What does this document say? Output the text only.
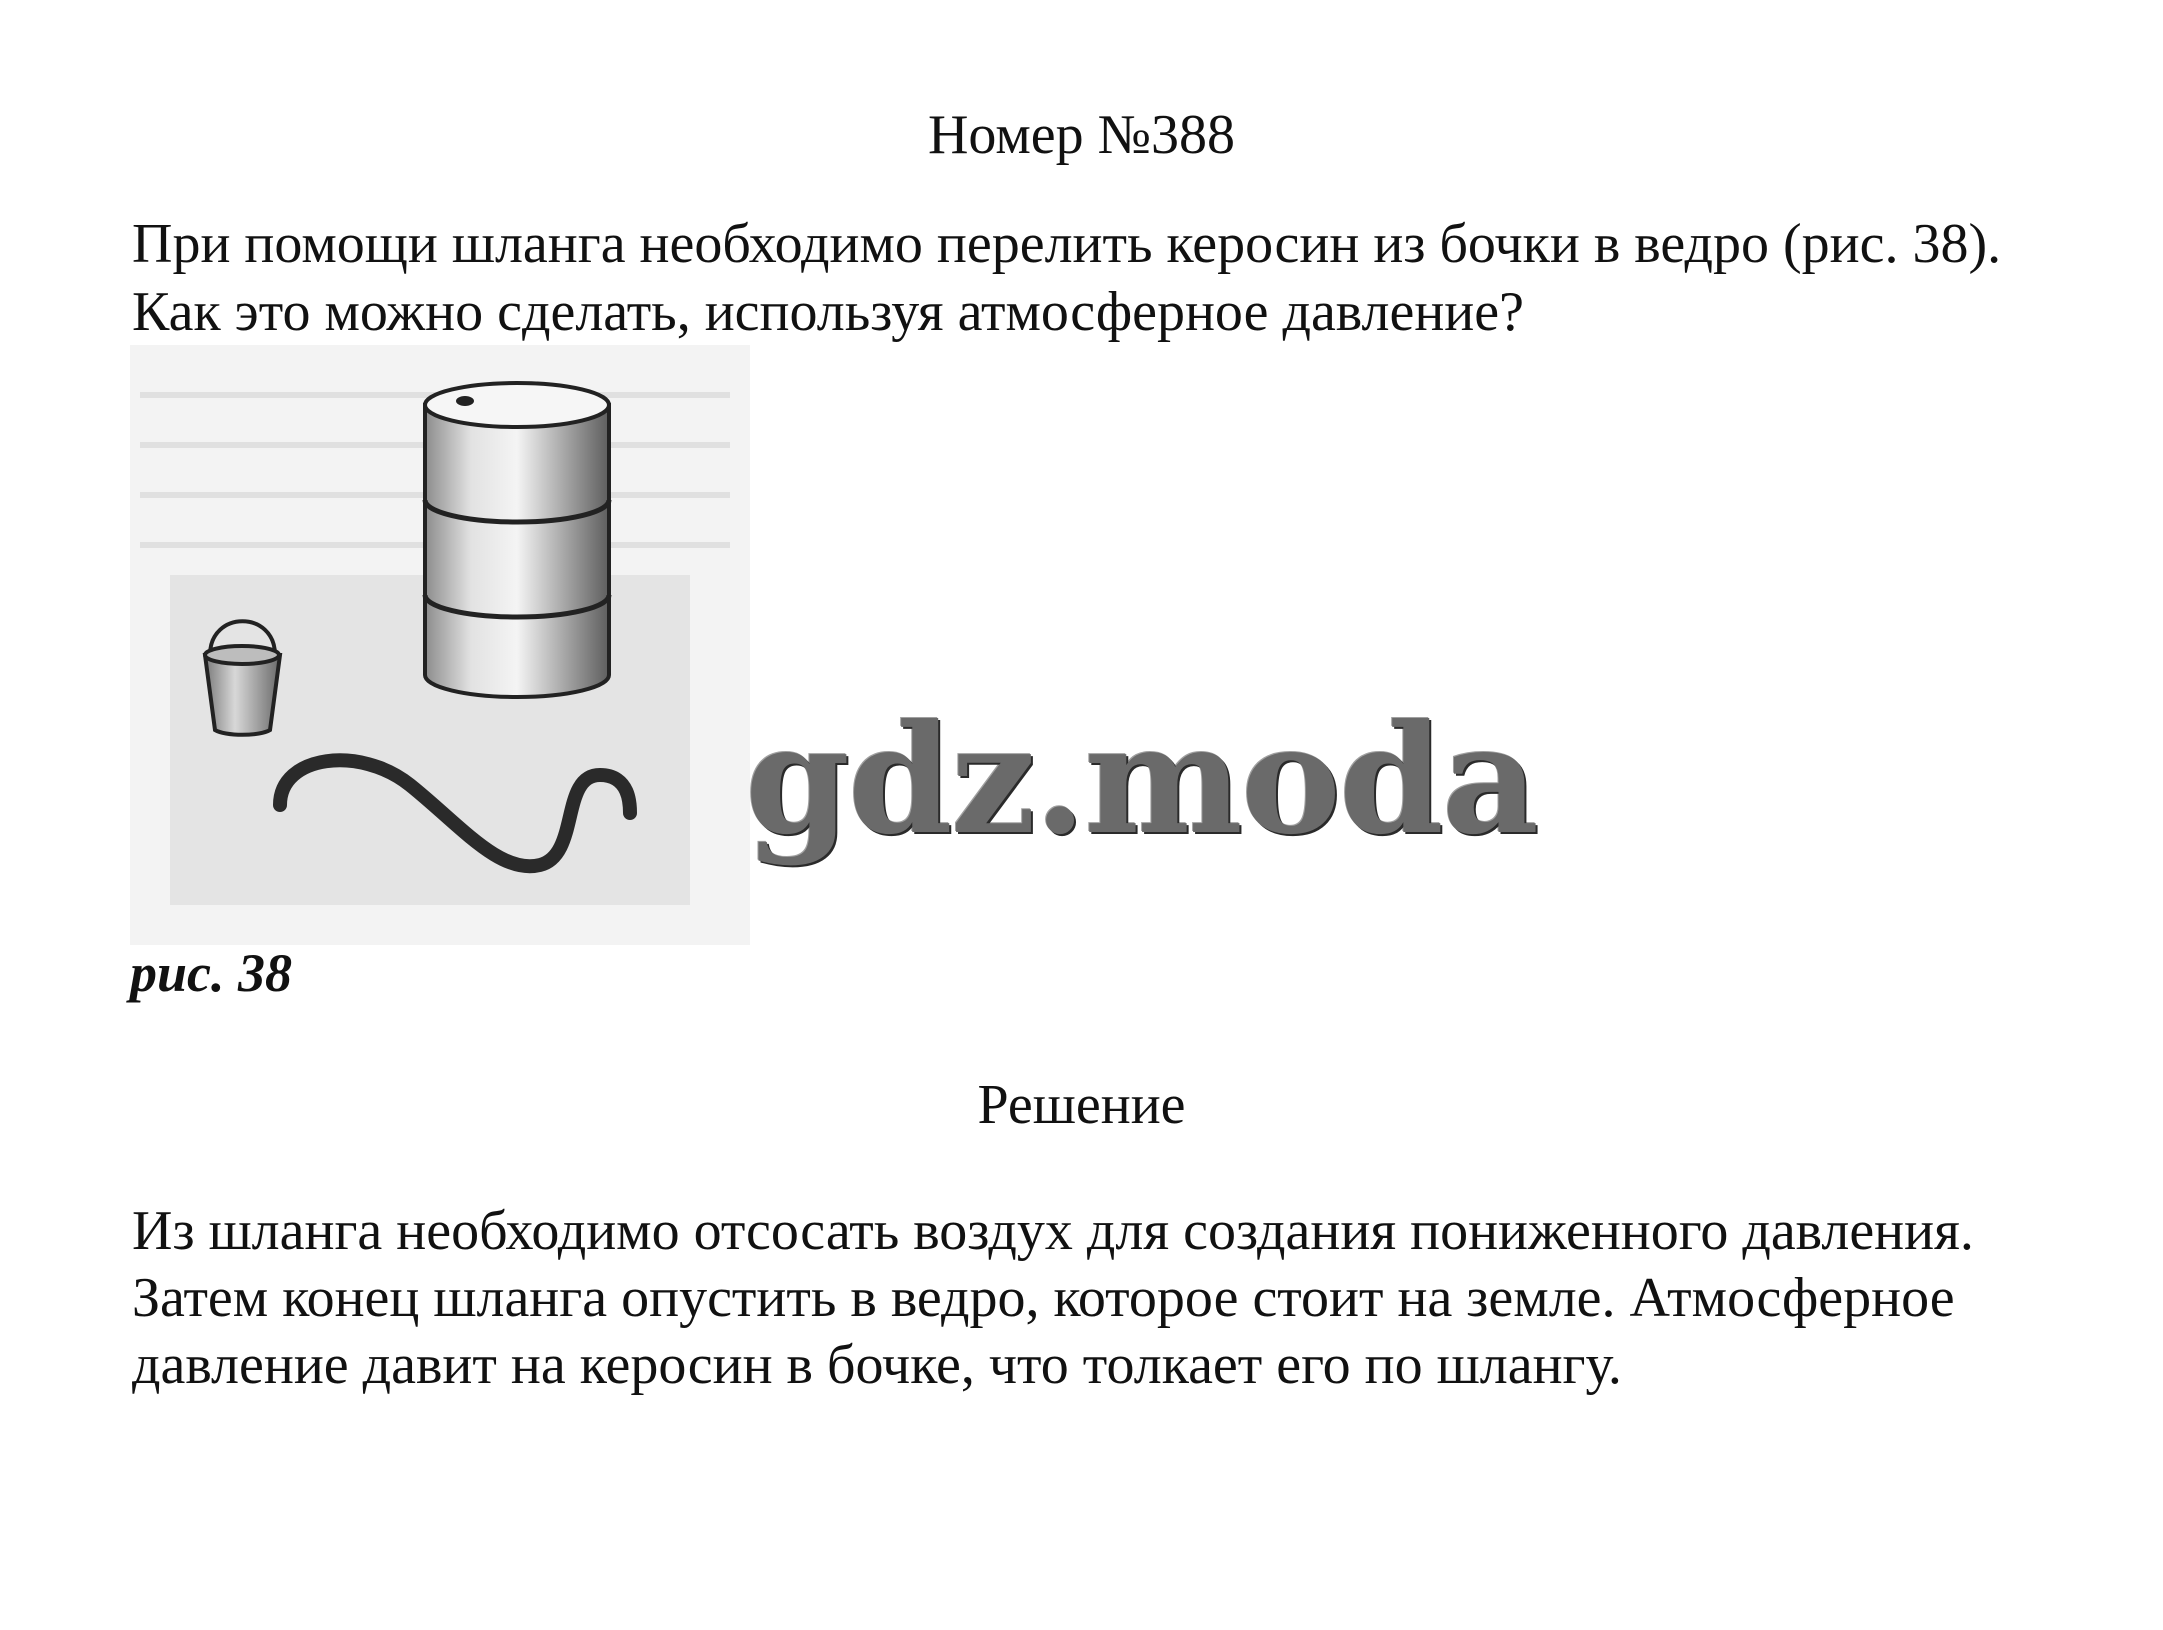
Номер №388

При помощи шланга необходимо перелить керосин из бочки в ведро (рис. 38). Как это можно сделать, используя атмосферное давление?

gdz.moda

рис. 38

Решение

Из шланга необходимо отсосать воздух для создания пониженного давления. Затем конец шланга опустить в ведро, которое стоит на земле. Атмосферное давление давит на керосин в бочке, что толкает его по шлангу.
